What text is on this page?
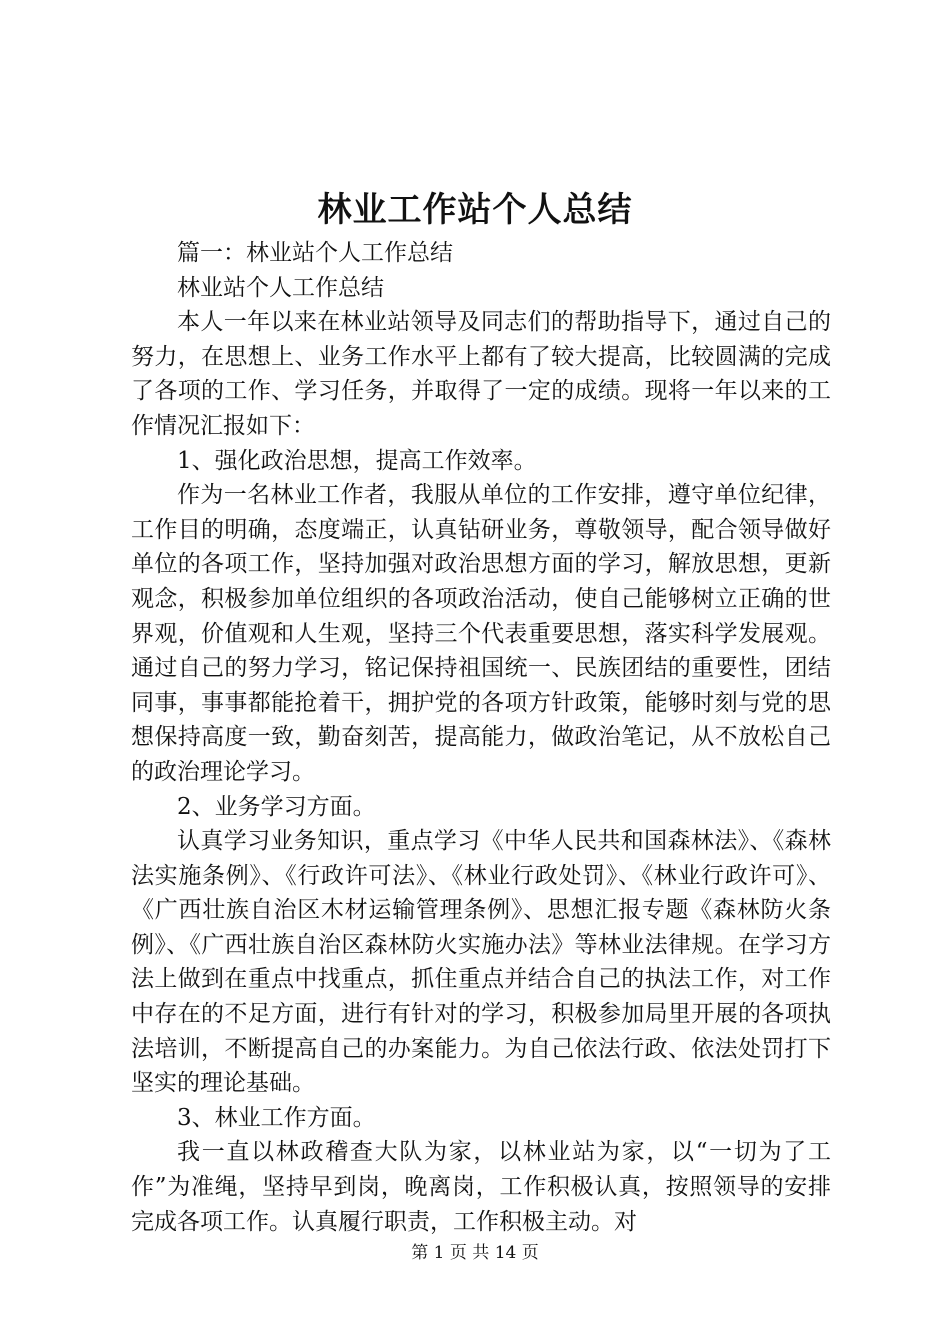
林业工作站个人总结

篇一：林业站个人工作总结

林业站个人工作总结

本人一年以来在林业站领导及同志们的帮助指导下，通过自己的努力，在思想上、业务工作水平上都有了较大提高，比较圆满的完成了各项的工作、学习任务，并取得了一定的成绩。现将一年以来的工作情况汇报如下：

1、强化政治思想，提高工作效率。

作为一名林业工作者，我服从单位的工作安排，遵守单位纪律，工作目的明确，态度端正，认真钻研业务，尊敬领导，配合领导做好单位的各项工作，坚持加强对政治思想方面的学习，解放思想，更新观念，积极参加单位组织的各项政治活动，使自己能够树立正确的世界观，价值观和人生观，坚持三个代表重要思想，落实科学发展观。通过自己的努力学习，铭记保持祖国统一、民族团结的重要性，团结同事，事事都能抢着干，拥护党的各项方针政策，能够时刻与党的思想保持高度一致，勤奋刻苦，提高能力，做政治笔记，从不放松自己的政治理论学习。

2、业务学习方面。

认真学习业务知识，重点学习《中华人民共和国森林法》、《森林法实施条例》、《行政许可法》、《林业行政处罚》、《林业行政许可》、《广西壮族自治区木材运输管理条例》、思想汇报专题《森林防火条例》、《广西壮族自治区森林防火实施办法》等林业法律规。在学习方法上做到在重点中找重点，抓住重点并结合自己的执法工作，对工作中存在的不足方面，进行有针对的学习，积极参加局里开展的各项执法培训，不断提高自己的办案能力。为自己依法行政、依法处罚打下坚实的理论基础。

3、林业工作方面。

我一直以林政稽查大队为家，以林业站为家，以“一切为了工作”为准绳，坚持早到岗，晚离岗，工作积极认真，按照领导的安排完成各项工作。认真履行职责，工作积极主动。对

第 1 页 共 14 页
